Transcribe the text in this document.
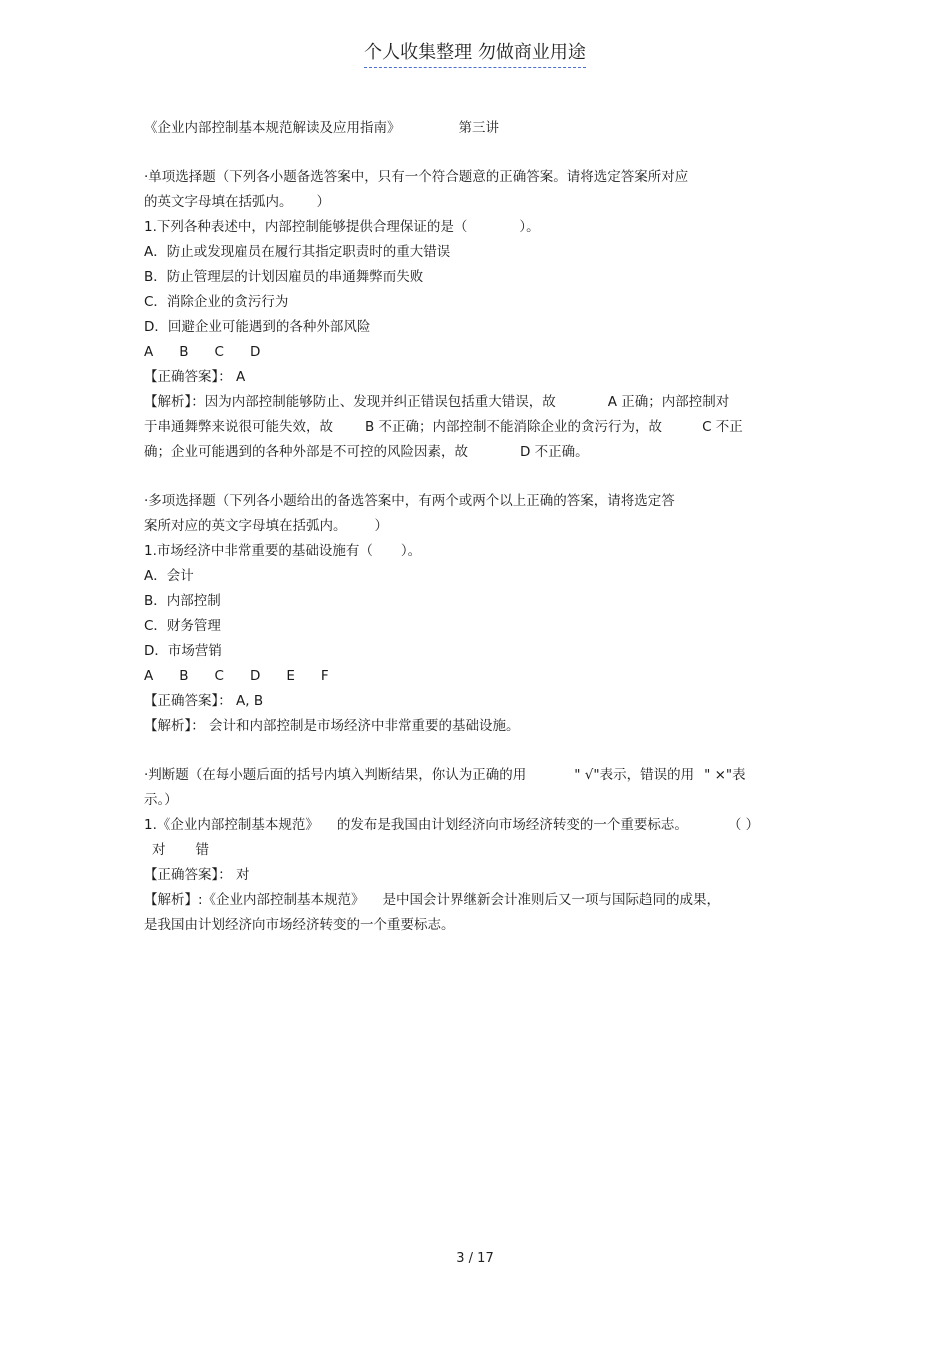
个人收集整理 勿做商业用途
《企业内部控制基本规范解读及应用指南》	第三讲
·单项选择题（下列各小题备选答案中，只有一个符合题意的正确答案。请将选定答案所对应
的英文字母填在括弧内。 ）
1.下列各种表述中，内部控制能够提供合理保证的是（	）。
A．防止或发现雇员在履行其指定职责时的重大错误
B．防止管理层的计划因雇员的串通舞弊而失败
C．消除企业的贪污行为
D．回避企业可能遇到的各种外部风险
A B C D
【正确答案】： A
【解析】：因为内部控制能够防止、发现并纠正错误包括重大错误，故	A 正确；内部控制对
于串通舞弊来说很可能失效，故 B 不正确；内部控制不能消除企业的贪污行为，故	C 不正
确；企业可能遇到的各种外部是不可控的风险因素，故	D 不正确。
·多项选择题（下列各小题给出的备选答案中，有两个或两个以上正确的答案，请将选定答
案所对应的英文字母填在括弧内。 ）
1.市场经济中非常重要的基础设施有（ ）。
A．会计
B．内部控制
C．财务管理
D．市场营销
A B C D E F
【正确答案】： A, B
【解析】： 会计和内部控制是市场经济中非常重要的基础设施。
·判断题（在每小题后面的括号内填入判断结果，你认为正确的用	" √"表示，错误的用 " ×"表
示。）
1.《企业内部控制基本规范》 的发布是我国由计划经济向市场经济转变的一个重要标志。	（ ）
对 错
【正确答案】： 对
【解析】:《企业内部控制基本规范》 是中国会计界继新会计准则后又一项与国际趋同的成果，
是我国由计划经济向市场经济转变的一个重要标志。
3 / 17
